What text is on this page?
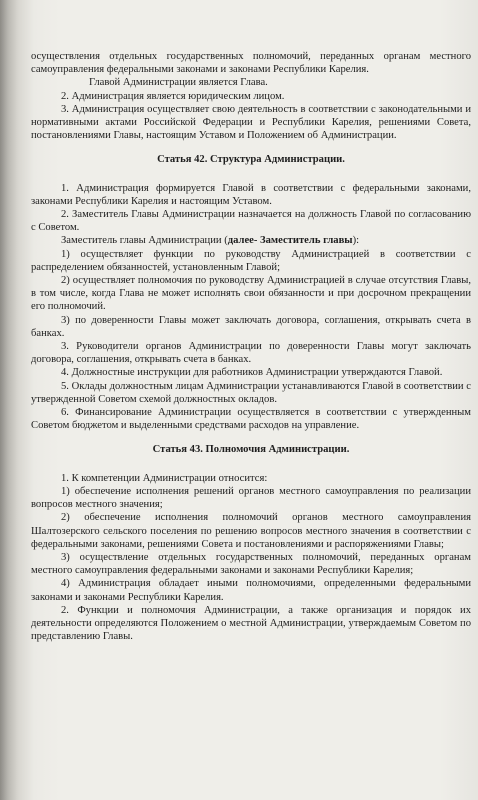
осуществления отдельных государственных полномочий, переданных органам местного самоуправления федеральными законами и законами Республики Карелия.

Главой Администрации является Глава.

2. Администрация является юридическим лицом.

3. Администрация осуществляет свою деятельность в соответствии с законодательными и нормативными актами Российской Федерации и Республики Карелия, решениями Совета, постановлениями Главы, настоящим Уставом и Положением об Администрации.

Статья 42. Структура Администрации.

1. Администрация формируется Главой в соответствии с федеральными законами, законами Республики Карелия и настоящим Уставом.

2. Заместитель Главы Администрации назначается на должность Главой по согласованию с Советом.

Заместитель главы Администрации (далее- Заместитель главы):

1) осуществляет функции по руководству Администрацией в соответствии с распределением обязанностей, установленным Главой;

2) осуществляет полномочия по руководству Администрацией в случае отсутствия Главы, в том числе, когда Глава не может исполнять свои обязанности и при досрочном прекращении его полномочий.

3) по доверенности Главы может заключать договора, соглашения, открывать счета в банках.

3. Руководители органов Администрации по доверенности Главы могут заключать договора, соглашения, открывать счета в банках.

4. Должностные инструкции для работников Администрации утверждаются Главой.

5. Оклады должностным лицам Администрации устанавливаются Главой в соответствии с утвержденной Советом схемой должностных окладов.

6. Финансирование Администрации осуществляется в соответствии с утвержденным Советом бюджетом и выделенными средствами расходов на управление.

Статья 43. Полномочия Администрации.

1. К компетенции Администрации относится:

1) обеспечение исполнения решений органов местного самоуправления по реализации вопросов местного значения;

2) обеспечение исполнения полномочий органов местного самоуправления Шалтозерского сельского поселения по решению вопросов местного значения в соответствии с федеральными законами, решениями Совета и постановлениями и распоряжениями Главы;

3) осуществление отдельных государственных полномочий, переданных органам местного самоуправления федеральными законами и законами Республики Карелия;

4) Администрация обладает иными полномочиями, определенными федеральными законами и законами Республики Карелия.

2. Функции и полномочия Администрации, а также организация и порядок их деятельности определяются Положением о местной Администрации, утверждаемым Советом по представлению Главы.
